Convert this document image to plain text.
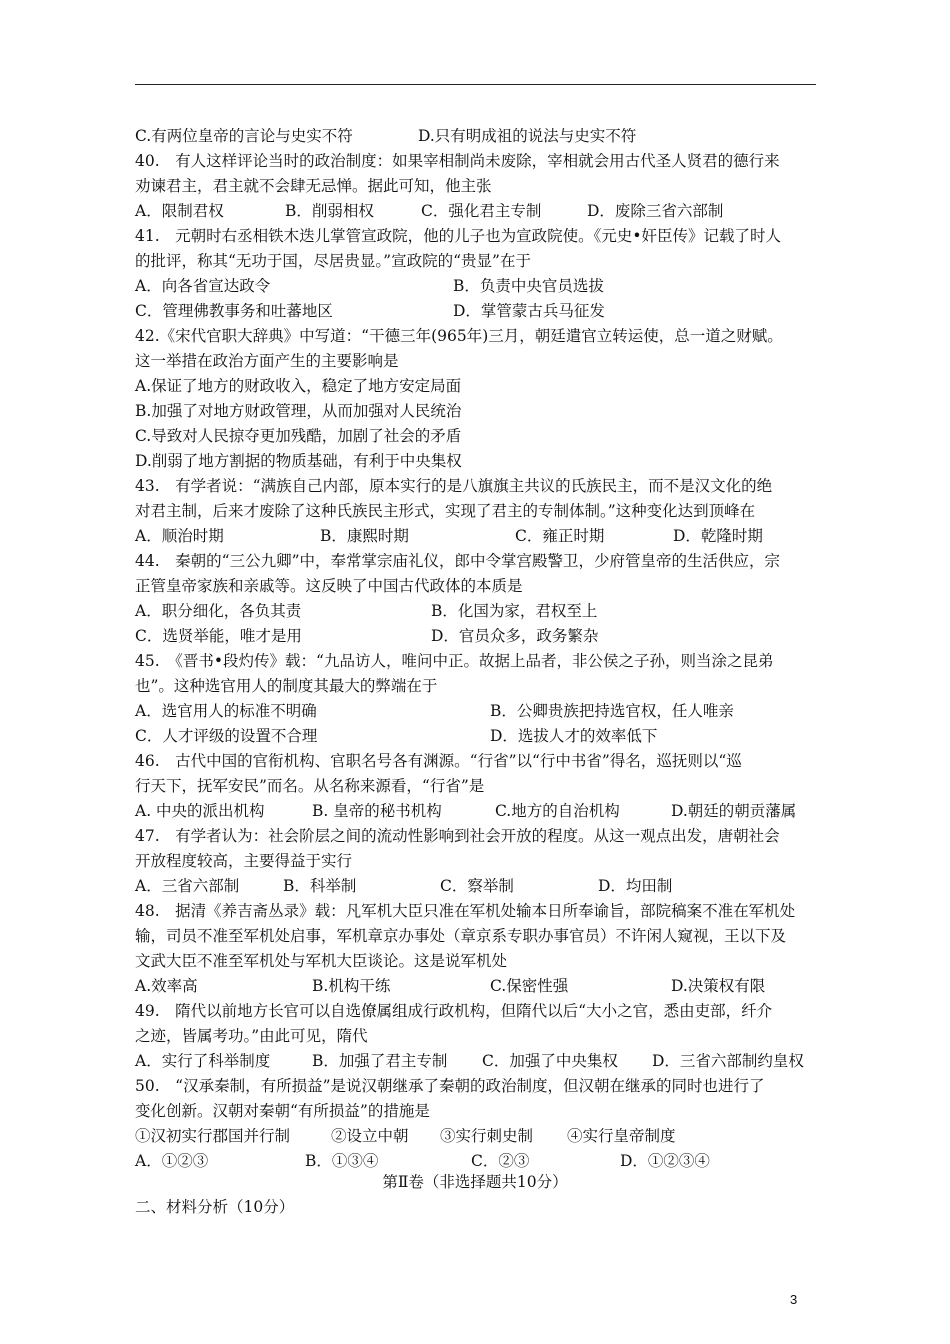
C.有两位皇帝的言论与史实不符	D.只有明成祖的说法与史实不符
40.　有人这样评论当时的政治制度：如果宰相制尚未废除，宰相就会用古代圣人贤君的德行来
劝谏君主，君主就不会肆无忌惮。据此可知，他主张
A．限制君权	B．削弱相权	C．强化君主专制	D．废除三省六部制
41.　元朝时右丞相铁木迭儿掌管宣政院，他的儿子也为宣政院使。《元史•奸臣传》记载了时人
的批评，称其“无功于国，尽居贵显。”宣政院的“贵显”在于
A．向各省宣达政令	B．负责中央官员选拔
C．管理佛教事务和吐蕃地区	D．掌管蒙古兵马征发
42.《宋代官职大辞典》中写道：“干德三年(965年)三月，朝廷遣官立转运使，总一道之财赋。
这一举措在政治方面产生的主要影响是
A.保证了地方的财政收入，稳定了地方安定局面
B.加强了对地方财政管理，从而加强对人民统治
C.导致对人民掠夺更加残酷，加剧了社会的矛盾
D.削弱了地方割据的物质基础，有利于中央集权
43.　有学者说：“满族自己内部，原本实行的是八旗旗主共议的氏族民主，而不是汉文化的绝
对君主制，后来才废除了这种氏族民主形式，实现了君主的专制体制。”这种变化达到顶峰在
A．顺治时期	B．康熙时期	C．雍正时期	D．乾隆时期
44.　秦朝的“三公九卿”中，奉常掌宗庙礼仪，郎中令掌宫殿警卫，少府管皇帝的生活供应，宗
正管皇帝家族和亲戚等。这反映了中国古代政体的本质是
A．职分细化，各负其责	B．化国为家，君权至上
C．选贤举能，唯才是用	D．官员众多，政务繁杂
45.　《晋书•段灼传》载：“九品访人，唯问中正。故据上品者，非公侯之子孙，则当涂之昆弟
也”。这种选官用人的制度其最大的弊端在于
A．选官用人的标准不明确	B．公卿贵族把持选官权，任人唯亲
C．人才评级的设置不合理	D．选拔人才的效率低下
46.　古代中国的官衔机构、官职名号各有渊源。“行省”以“行中书省”得名，巡抚则以“巡
行天下，抚军安民”而名。从名称来源看，“行省”是
A. 中央的派出机构	B. 皇帝的秘书机构	C.地方的自治机构	D.朝廷的朝贡藩属
47.　有学者认为：社会阶层之间的流动性影响到社会开放的程度。从这一观点出发，唐朝社会
开放程度较高，主要得益于实行
A．三省六部制	B．科举制	C．察举制	D．均田制
48.　据清《养吉斋丛录》载：凡军机大臣只准在军机处输本日所奉谕旨，部院稿案不准在军机处
输，司员不准至军机处启事，军机章京办事处（章京系专职办事官员）不许闲人窥视，王以下及
文武大臣不准至军机处与军机大臣谈论。这是说军机处
A.效率高	B.机构干练	C.保密性强	D.决策权有限
49.　隋代以前地方长官可以自选僚属组成行政机构，但隋代以后“大小之官，悉由吏部，纤介
之迹，皆属考功。”由此可见，隋代
A．实行了科举制度	B．加强了君主专制 C．加强了中央集权 D．三省六部制约皇权
50.　“汉承秦制，有所损益”是说汉朝继承了秦朝的政治制度，但汉朝在继承的同时也进行了
变化创新。汉朝对秦朝“有所损益”的措施是
①汉初实行郡国并行制	②设立中朝 ③实行刺史制 ④实行皇帝制度
A．①②③	B．①③④	C．②③	D．①②③④
第Ⅱ卷（非选择题共10分）
二、材料分析（10分）
3
